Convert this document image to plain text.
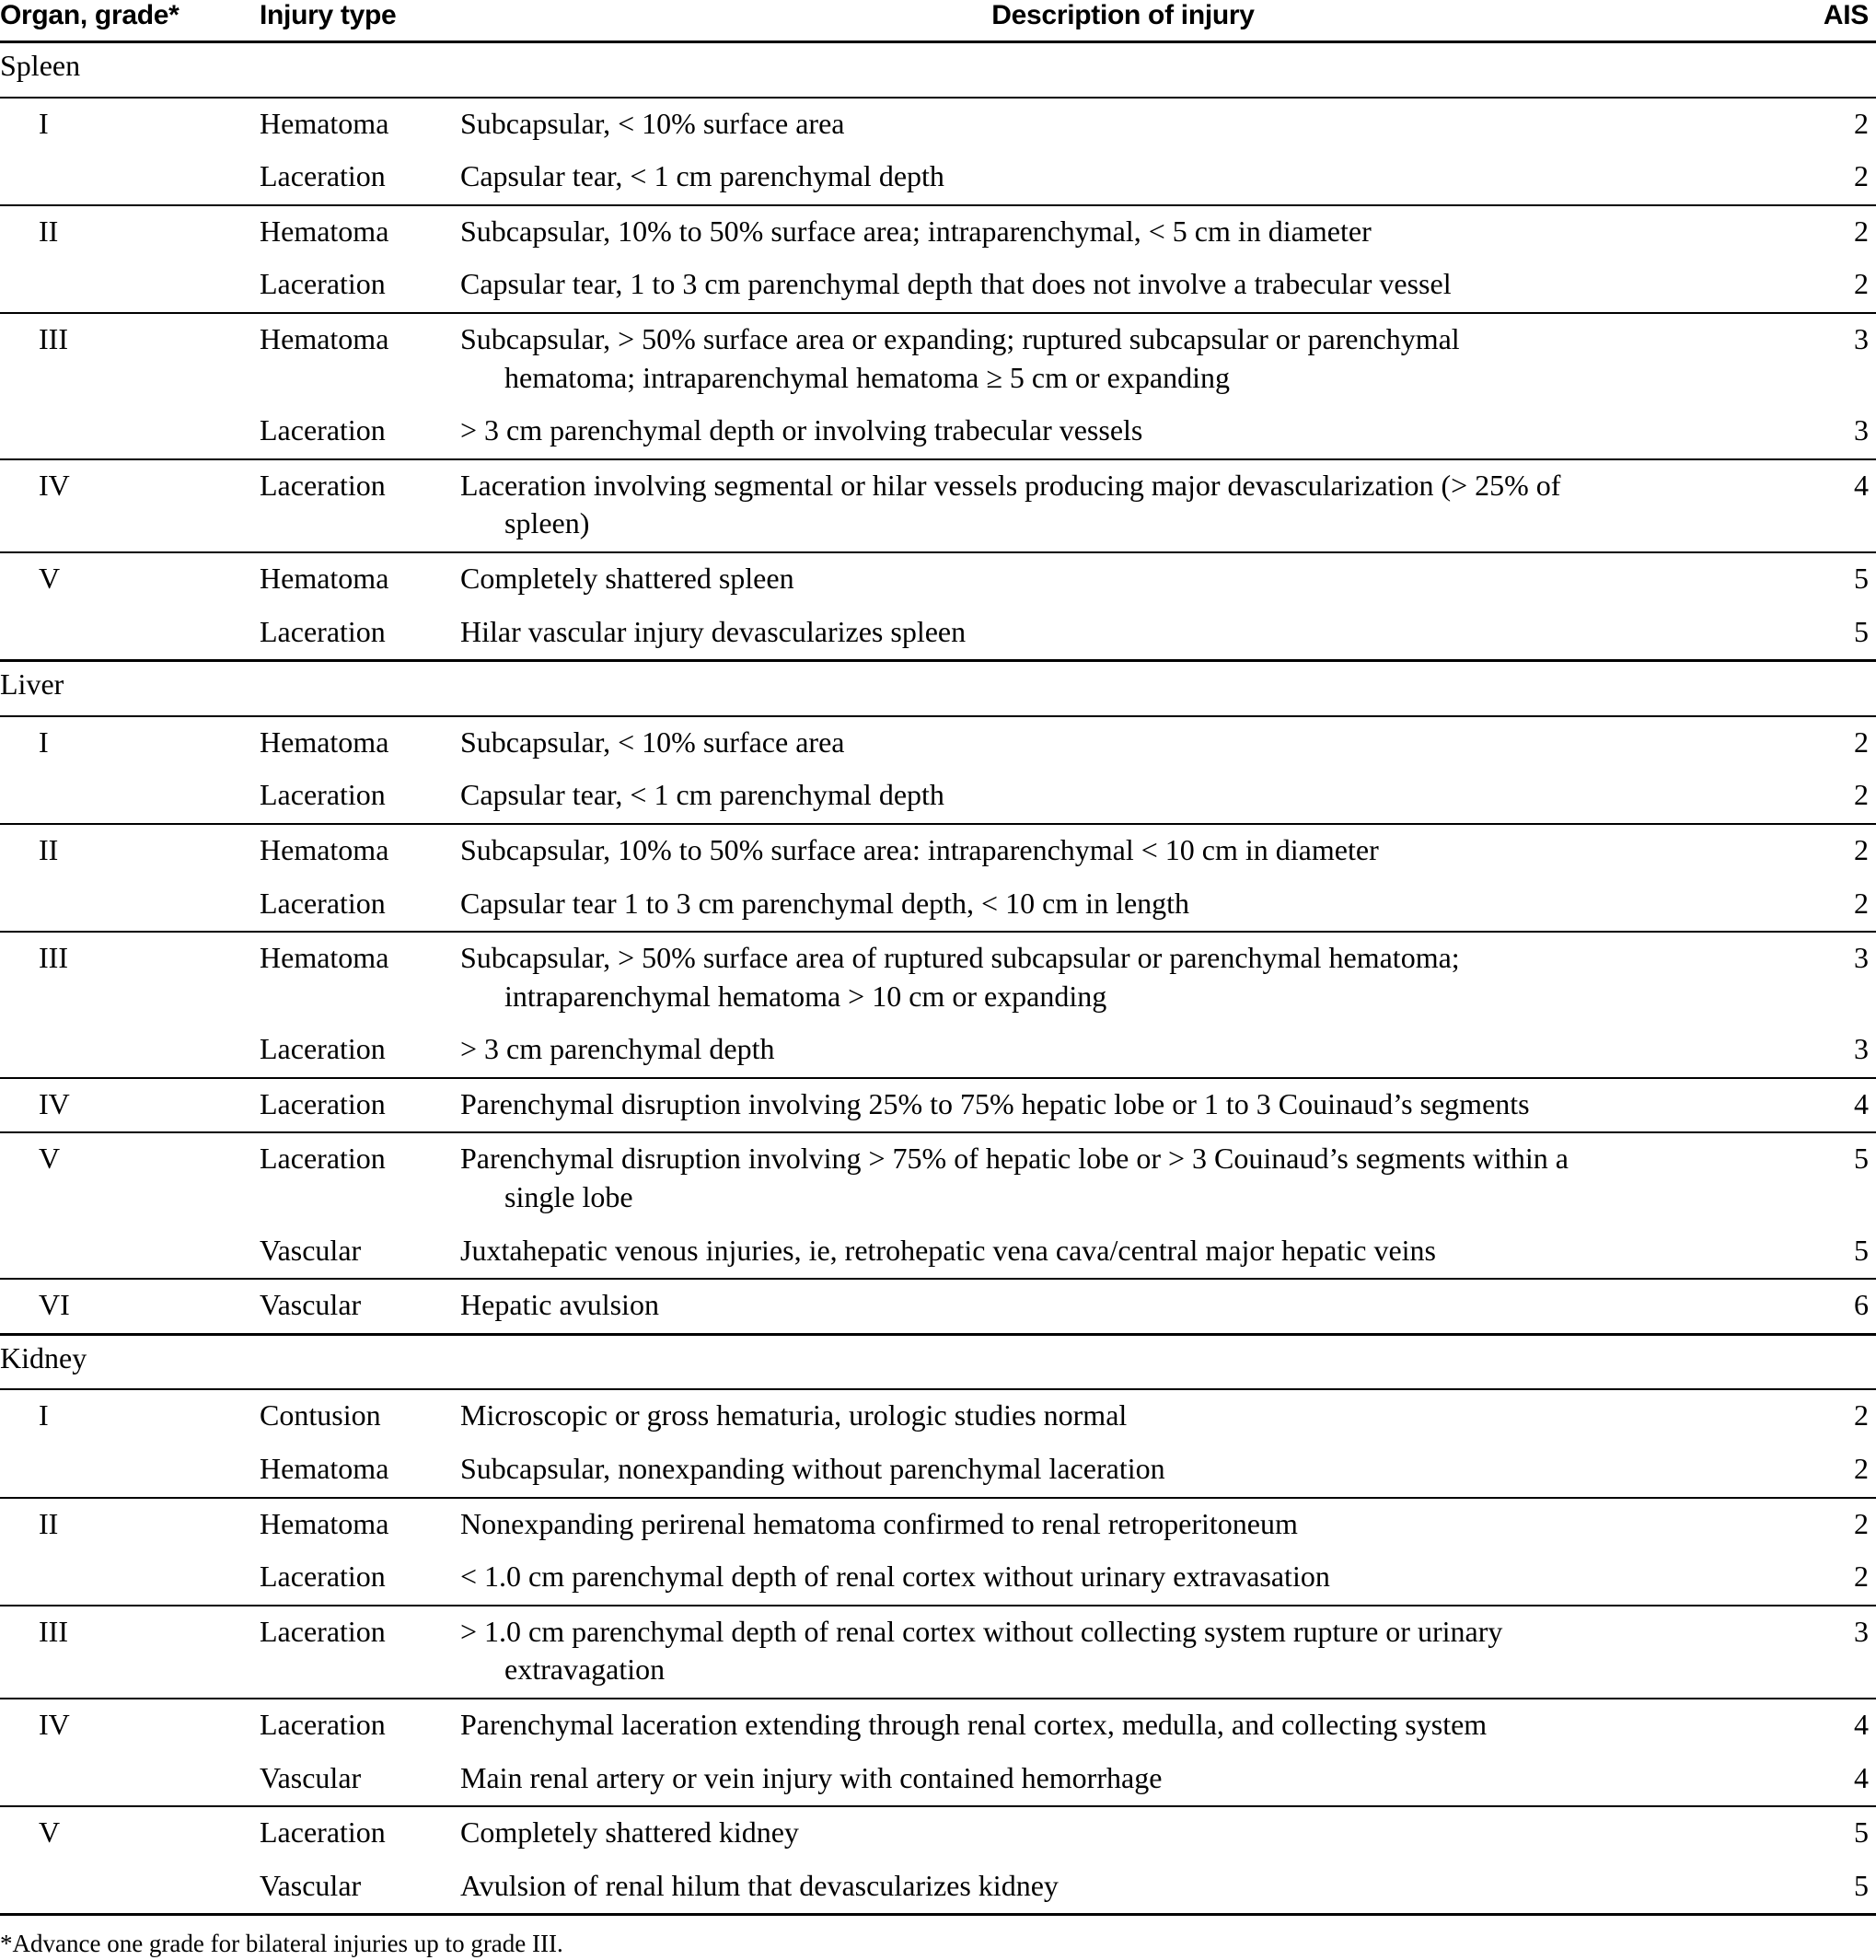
Organ, grade*	Injury type	Description of injury	AIS
Spleen			
I	Hematoma	Subcapsular, < 10% surface area	2
	Laceration	Capsular tear, < 1 cm parenchymal depth	2
II	Hematoma	Subcapsular, 10% to 50% surface area; intraparenchymal, < 5 cm in diameter	2
	Laceration	Capsular tear, 1 to 3 cm parenchymal depth that does not involve a trabecular vessel	2
III	Hematoma	Subcapsular, > 50% surface area or expanding; ruptured subcapsular or parenchymal
hematoma; intraparenchymal hematoma ≥ 5 cm or expanding	3
	Laceration	> 3 cm parenchymal depth or involving trabecular vessels	3
IV	Laceration	Laceration involving segmental or hilar vessels producing major devascularization (> 25% of
spleen)	4
V	Hematoma	Completely shattered spleen	5
	Laceration	Hilar vascular injury devascularizes spleen	5
Liver			
I	Hematoma	Subcapsular, < 10% surface area	2
	Laceration	Capsular tear, < 1 cm parenchymal depth	2
II	Hematoma	Subcapsular, 10% to 50% surface area: intraparenchymal < 10 cm in diameter	2
	Laceration	Capsular tear 1 to 3 cm parenchymal depth, < 10 cm in length	2
III	Hematoma	Subcapsular, > 50% surface area of ruptured subcapsular or parenchymal hematoma;
intraparenchymal hematoma > 10 cm or expanding	3
	Laceration	> 3 cm parenchymal depth	3
IV	Laceration	Parenchymal disruption involving 25% to 75% hepatic lobe or 1 to 3 Couinaud’s segments	4
V	Laceration	Parenchymal disruption involving > 75% of hepatic lobe or > 3 Couinaud’s segments within a
single lobe	5
	Vascular	Juxtahepatic venous injuries, ie, retrohepatic vena cava/central major hepatic veins	5
VI	Vascular	Hepatic avulsion	6
Kidney			
I	Contusion	Microscopic or gross hematuria, urologic studies normal	2
	Hematoma	Subcapsular, nonexpanding without parenchymal laceration	2
II	Hematoma	Nonexpanding perirenal hematoma confirmed to renal retroperitoneum	2
	Laceration	< 1.0 cm parenchymal depth of renal cortex without urinary extravasation	2
III	Laceration	> 1.0 cm parenchymal depth of renal cortex without collecting system rupture or urinary
extravagation	3
IV	Laceration	Parenchymal laceration extending through renal cortex, medulla, and collecting system	4
	Vascular	Main renal artery or vein injury with contained hemorrhage	4
V	Laceration	Completely shattered kidney	5
	Vascular	Avulsion of renal hilum that devascularizes kidney	5

*Advance one grade for bilateral injuries up to grade III.
